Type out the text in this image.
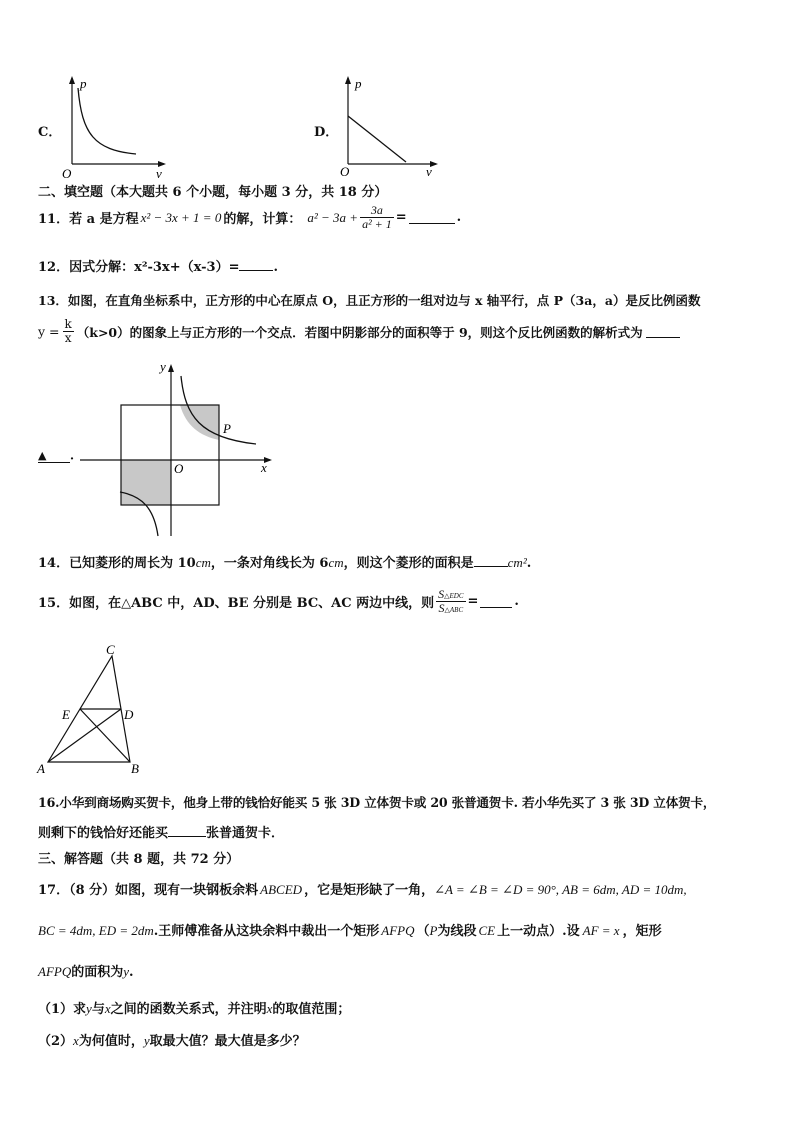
C．
p
v
O
D．
p
v
O
二、填空题（本大题共 6 个小题，每小题 3 分，共 18 分）
11．若 a 是方程 x² − 3x + 1 = 0 的解，计算： $a^2 - 3a + \frac{3a}{\text{a² + 1}}$ =	.
12．因式分解：x²-3x+（x-3）=	.
13．如图，在直角坐标系中，正方形的中心在原点 O，且正方形的一组对边与 x 轴平行，点 P（3a，a）是反比例函数
$y = \frac{k}{x} (k>0)$的图象上与正方形的一个交点．若图中阴影部分的面积等于 9，则这个反比例函数的解析式为
▲ ．
y
x
O
P
14．已知菱形的周长为 10cm，一条对角线长为 6cm，则这个菱形的面积是	cm².
15．如图，在△ABC 中，AD、BE 分别是 BC、AC 两边中线，则 $\frac{\text{S△EDC}}{\text{S△ABC}}$ =	.
C
E	D
A	B
16.小华到商场购买贺卡，他身上带的钱恰好能买 5 张 3D 立体贺卡或 20 张普通贺卡. 若小华先买了 3 张 3D 立体贺卡，
则剩下的钱恰好还能买	张普通贺卡．
三、解答题（共 8 题，共 72 分）
17．（8 分）如图，现有一块钢板余料 ABCED ，它是矩形缺了一角，∠A = ∠B = ∠D = 90°, AB = 6dm, AD = 10dm,
BC = 4dm, ED = 2dm.王师傅准备从这块余料中裁出一个矩形 AFPQ （P为线段 CE 上一动点）.设 AF = x ，矩形
AFPQ的面积为y.
（1）求y与x之间的函数关系式，并注明x的取值范围；
（2）x为何值时，y取最大值？最大值是多少？
